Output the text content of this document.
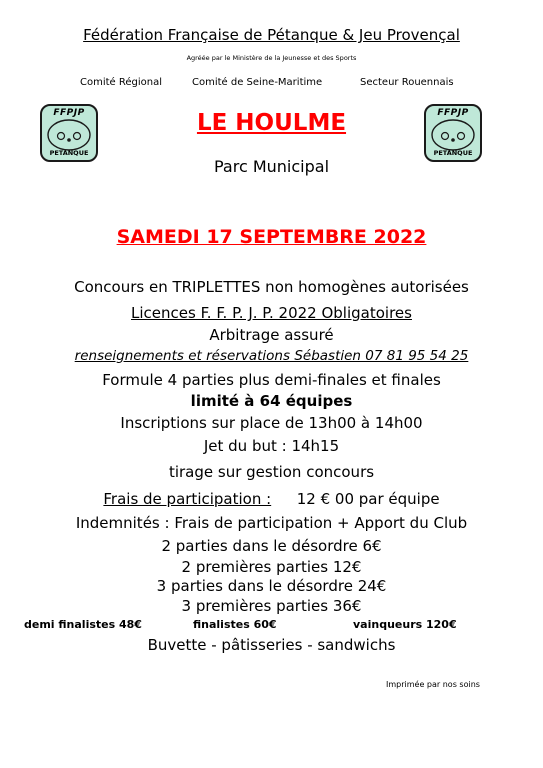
Fédération Française de Pétanque & Jeu Provençal
Agréée par le Ministère de la Jeunesse et des Sports
Comité Régional	Comité de Seine-Maritime	Secteur Rouennais
FFPJP
PETANQUE
FFPJP
PETANQUE
LE HOULME
Parc Municipal
SAMEDI 17 SEPTEMBRE 2022
Concours en TRIPLETTES non homogènes autorisées
Licences F. F. P. J. P. 2022 Obligatoires
Arbitrage assuré
renseignements et réservations Sébastien 07 81 95 54 25
Formule 4 parties plus demi-finales et finales
limité à 64 équipes
Inscriptions sur place de 13h00 à 14h00
Jet du but : 14h15
tirage sur gestion concours
Frais de participation : 12 € 00 par équipe
Indemnités : Frais de participation + Apport du Club
2 parties dans le désordre 6€
2 premières parties 12€
3 parties dans le désordre 24€
3 premières parties 36€
demi finalistes 48€	finalistes 60€	vainqueurs 120€
Buvette - pâtisseries - sandwichs
Imprimée par nos soins
